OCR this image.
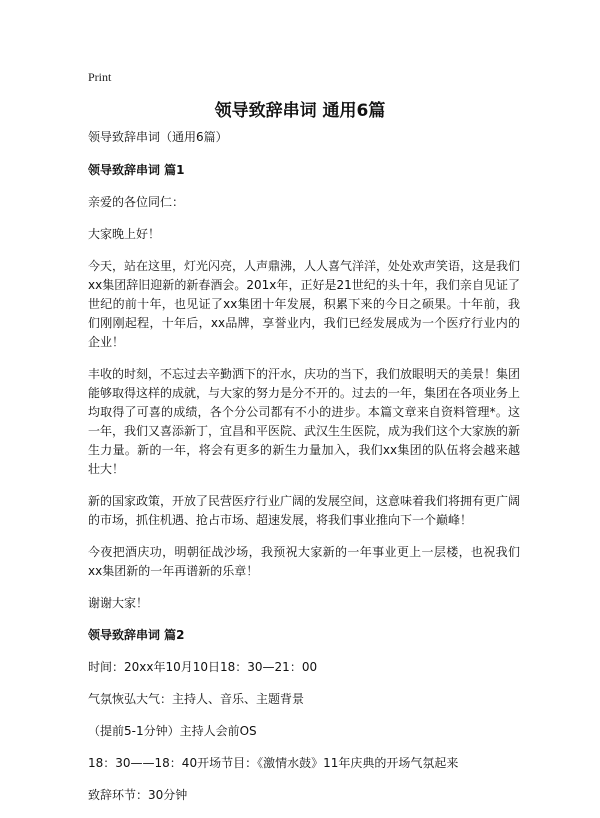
Print
领导致辞串词 通用6篇

领导致辞串词（通用6篇）

领导致辞串词 篇1

亲爱的各位同仁：

大家晚上好！

今天，站在这里，灯光闪亮，人声鼎沸，人人喜气洋洋，处处欢声笑语，这是我们xx集团辞旧迎新的新春酒会。201x年，正好是21世纪的头十年，我们亲自见证了世纪的前十年，也见证了xx集团十年发展，积累下来的今日之硕果。十年前，我们刚刚起程，十年后，xx品牌，享誉业内，我们已经发展成为一个医疗行业内的企业！

丰收的时刻，不忘过去辛勤洒下的汗水，庆功的当下，我们放眼明天的美景！集团能够取得这样的成就，与大家的努力是分不开的。过去的一年，集团在各项业务上均取得了可喜的成绩，各个分公司都有不小的进步。本篇文章来自资料管理*。这一年，我们又喜添新丁，宜昌和平医院、武汉生生医院，成为我们这个大家族的新生力量。新的一年，将会有更多的新生力量加入，我们xx集团的队伍将会越来越壮大！

新的国家政策，开放了民营医疗行业广阔的发展空间，这意味着我们将拥有更广阔的市场，抓住机遇、抢占市场、超速发展，将我们事业推向下一个巅峰！

今夜把酒庆功，明朝征战沙场，我预祝大家新的一年事业更上一层楼，也祝我们xx集团新的一年再谱新的乐章！

谢谢大家！

领导致辞串词 篇2

时间：20xx年10月10日18：30—21：00

气氛恢弘大气：主持人、音乐、主题背景

（提前5-1分钟）主持人会前OS

18：30——18：40开场节目：《激情水鼓》11年庆典的开场气氛起来

致辞环节：30分钟
